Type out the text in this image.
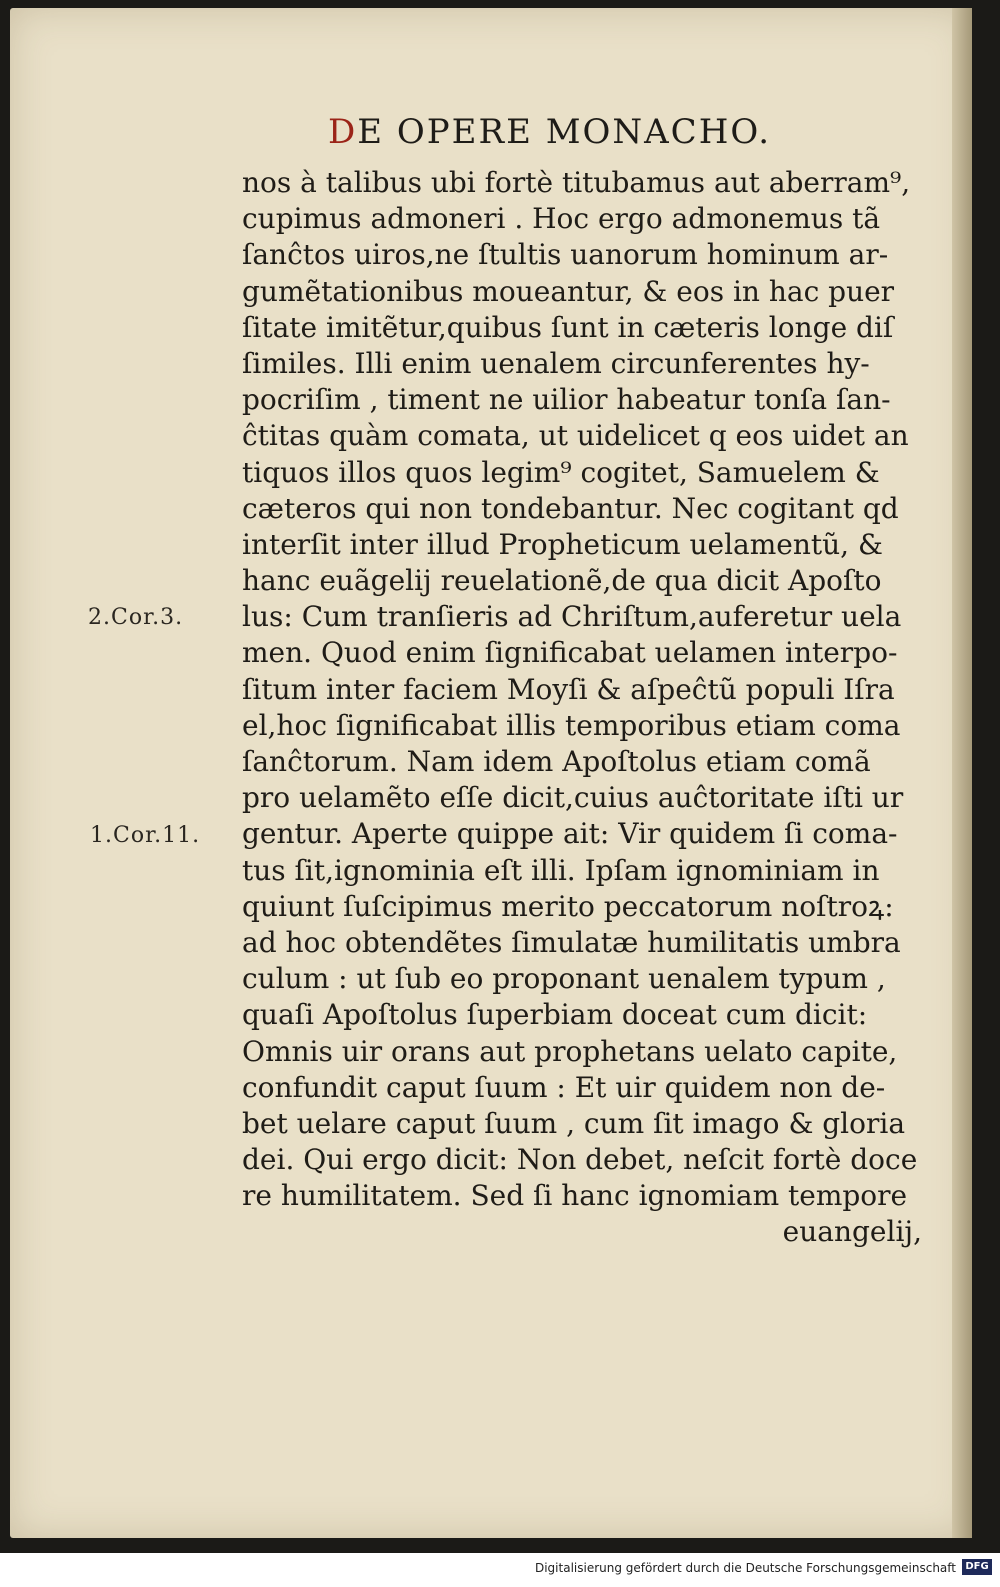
DE OPERE MONACHO.
2.Cor.3.
1.Cor.11.
nos à talibus ubi fortè titubamus aut aberram⁹,
cupimus admoneri . Hoc ergo admonemus tã
ſanĉtos uiros,ne ſtultis uanorum hominum ar-
gumẽtationibus moueantur, & eos in hac puer
ſitate imitẽtur,quibus ſunt in cæteris longe diſ
ſimiles. Illi enim uenalem circunferentes hy-
pocriſim , timent ne uilior habeatur tonſa ſan-
ĉtitas quàm comata, ut uidelicet q eos uidet an
tiquos illos quos legim⁹ cogitet, Samuelem &
cæteros qui non tondebantur. Nec cogitant qd
interſit inter illud Propheticum uelamentũ, &
hanc euãgelij reuelationẽ,de qua dicit Apoſto
lus: Cum tranſieris ad Chriſtum,auferetur uela
men. Quod enim ſignificabat uelamen interpo-
ſitum inter faciem Moyſi & aſpeĉtũ populi Iſra
el,hoc ſignificabat illis temporibus etiam coma
ſanĉtorum. Nam idem Apoſtolus etiam comã
pro uelamẽto eſſe dicit,cuius auĉtoritate iſti ur
gentur. Aperte quippe ait: Vir quidem ſi coma-
tus ſit,ignominia eſt illi. Ipſam ignominiam in
quiunt ſuſcipimus merito peccatorum noſtroꝝ:
ad hoc obtendẽtes ſimulatæ humilitatis umbra
culum : ut ſub eo proponant uenalem typum ,
quaſi Apoſtolus ſuperbiam doceat cum dicit:
Omnis uir orans aut prophetans uelato capite,
confundit caput ſuum : Et uir quidem non de-
bet uelare caput ſuum , cum ſit imago & gloria
dei. Qui ergo dicit: Non debet, neſcit fortè doce
re humilitatem. Sed ſi hanc ignomiam tempore
euangelij,
Digitalisierung gefördert durch die Deutsche Forschungsgemeinschaft DFG
